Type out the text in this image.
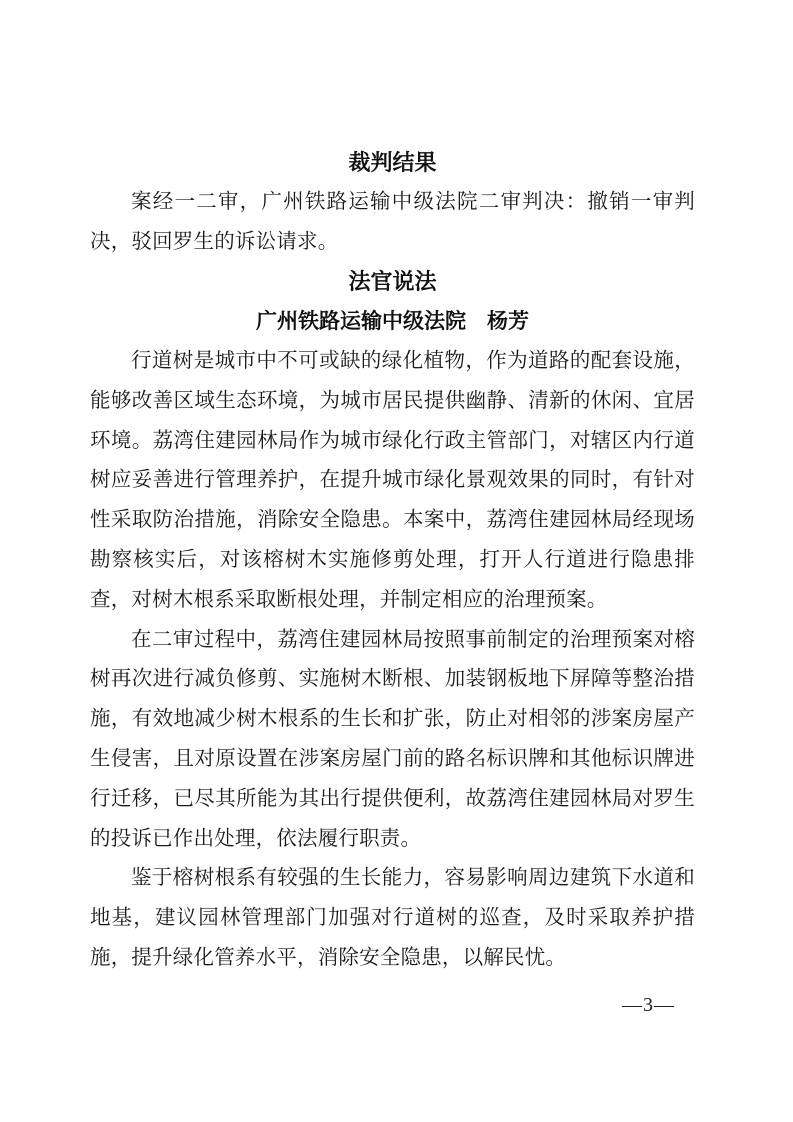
裁判结果

案经一二审，广州铁路运输中级法院二审判决：撤销一审判决，驳回罗生的诉讼请求。

法官说法
广州铁路运输中级法院　杨芳

行道树是城市中不可或缺的绿化植物，作为道路的配套设施，能够改善区域生态环境，为城市居民提供幽静、清新的休闲、宜居环境。荔湾住建园林局作为城市绿化行政主管部门，对辖区内行道树应妥善进行管理养护，在提升城市绿化景观效果的同时，有针对性采取防治措施，消除安全隐患。本案中，荔湾住建园林局经现场勘察核实后，对该榕树木实施修剪处理，打开人行道进行隐患排查，对树木根系采取断根处理，并制定相应的治理预案。

在二审过程中，荔湾住建园林局按照事前制定的治理预案对榕树再次进行减负修剪、实施树木断根、加装钢板地下屏障等整治措施，有效地减少树木根系的生长和扩张，防止对相邻的涉案房屋产生侵害，且对原设置在涉案房屋门前的路名标识牌和其他标识牌进行迁移，已尽其所能为其出行提供便利，故荔湾住建园林局对罗生的投诉已作出处理，依法履行职责。

鉴于榕树根系有较强的生长能力，容易影响周边建筑下水道和地基，建议园林管理部门加强对行道树的巡查，及时采取养护措施，提升绿化管养水平，消除安全隐患，以解民忧。

—3—
